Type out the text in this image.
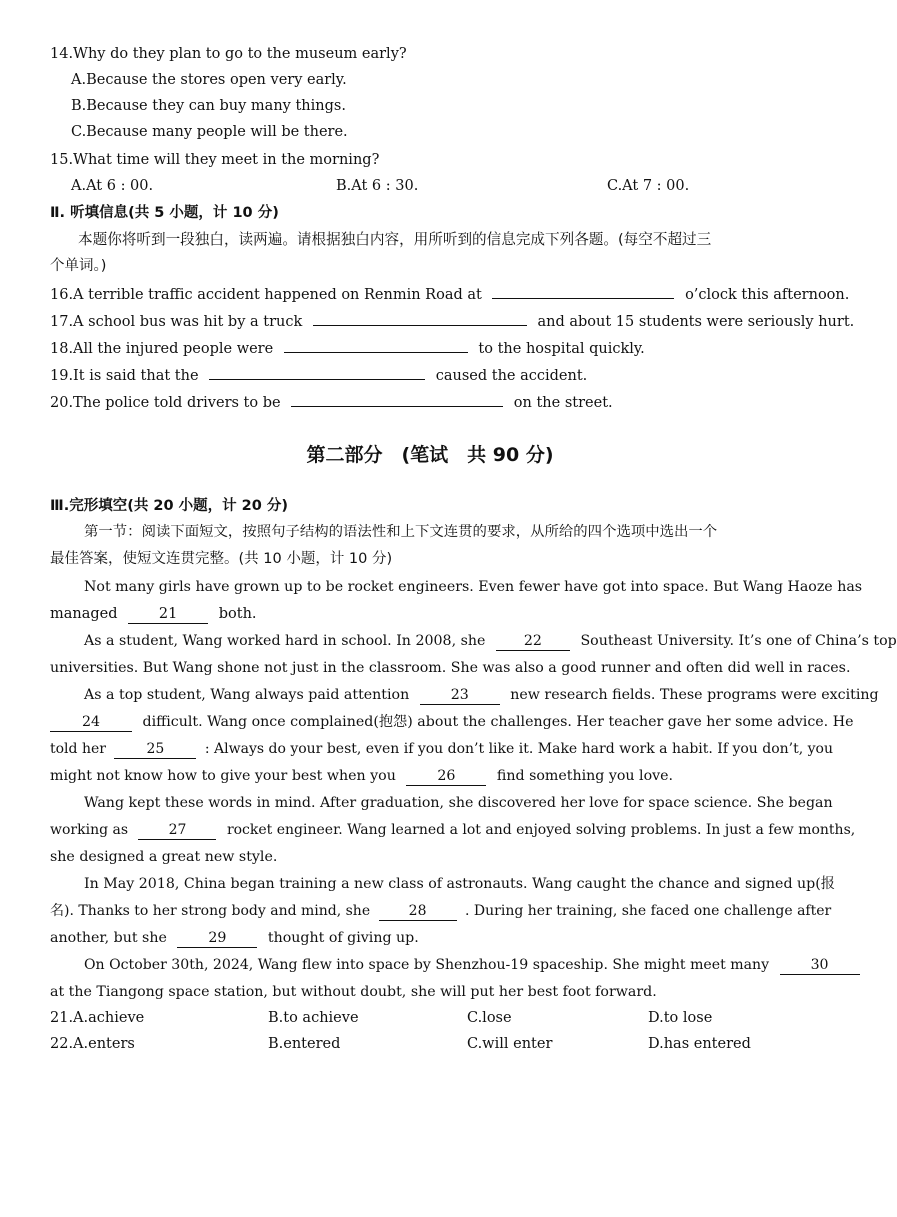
14.Why do they plan to go to the museum early?
A.Because the stores open very early.
B.Because they can buy many things.
C.Because many people will be there.
15.What time will they meet in the morning?
A.At 6 : 00.	B.At 6 : 30.	C.At 7 : 00.
Ⅱ. 听填信息(共 5 小题，计 10 分)
本题你将听到一段独白，读两遍。请根据独白内容，用所听到的信息完成下列各题。(每空不超过三
个单词。)
16.A terrible traffic accident happened on Renmin Road at	o’clock this afternoon.
17.A school bus was hit by a truck	and about 15 students were seriously hurt.
18.All the injured people were	to the hospital quickly.
19.It is said that the	caused the accident.
20.The police told drivers to be	on the street.
第二部分　(笔试　共 90 分)
Ⅲ.完形填空(共 20 小题，计 20 分)
第一节：阅读下面短文，按照句子结构的语法性和上下文连贯的要求，从所给的四个选项中选出一个
最佳答案，使短文连贯完整。(共 10 小题，计 10 分)
Not many girls have grown up to be rocket engineers. Even fewer have got into space. But Wang Haoze has
managed	21	both.
As a student, Wang worked hard in school. In 2008, she	22	Southeast University. It’s one of China’s top
universities. But Wang shone not just in the classroom. She was also a good runner and often did well in races.
As a top student, Wang always paid attention	23	new research fields. These programs were exciting
24	difficult. Wang once complained(抱怨) about the challenges. Her teacher gave her some advice. He
told her	25	: Always do your best, even if you don’t like it. Make hard work a habit. If you don’t, you
might not know how to give your best when you	26	find something you love.
Wang kept these words in mind. After graduation, she discovered her love for space science. She began
working as	27	rocket engineer. Wang learned a lot and enjoyed solving problems. In just a few months,
she designed a great new style.
In May 2018, China began training a new class of astronauts. Wang caught the chance and signed up(报
名). Thanks to her strong body and mind, she	28	. During her training, she faced one challenge after
another, but she	29	thought of giving up.
On October 30th, 2024, Wang flew into space by Shenzhou-19 spaceship. She might meet many	30
at the Tiangong space station, but without doubt, she will put her best foot forward.
21.A.achieve	B.to achieve	C.lose	D.to lose
22.A.enters	B.entered	C.will enter	D.has entered
